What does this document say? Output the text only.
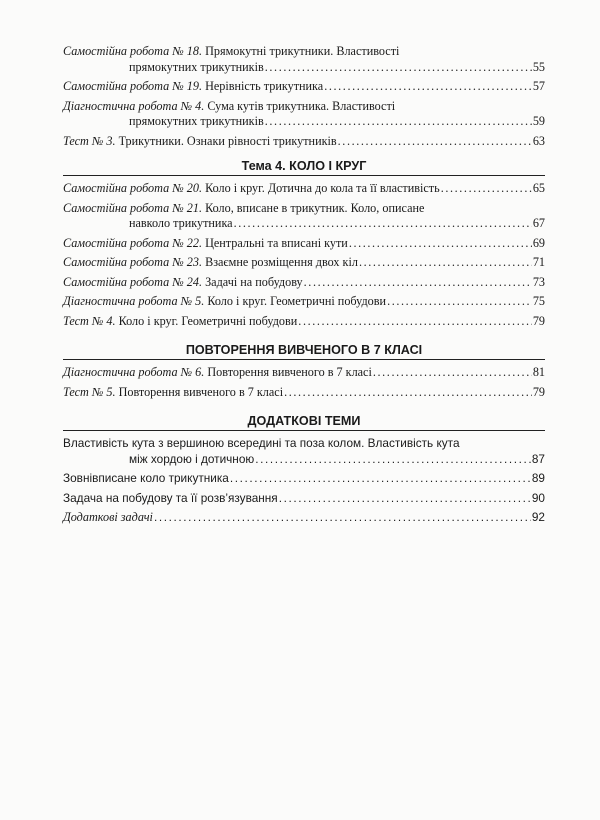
Самостійна робота № 18. Прямокутні трикутники. Властивості
прямокутних трикутників .....	55
Самостійна робота № 19. Нерівність трикутника .....	57
Діагностична робота № 4. Сума кутів трикутника. Властивості
прямокутних трикутників .....	59
Тест № 3. Трикутники. Ознаки рівності трикутників .....	63
Тема 4. КОЛО І КРУГ
Самостійна робота № 20. Коло і круг. Дотична до кола та її властивість .....	65
Самостійна робота № 21. Коло, вписане в трикутник. Коло, описане
навколо трикутника .....	67
Самостійна робота № 22. Центральні та вписані кути .....	69
Самостійна робота № 23. Взаємне розміщення двох кіл .....	71
Самостійна робота № 24. Задачі на побудову .....	73
Діагностична робота № 5. Коло і круг. Геометричні побудови .....	75
Тест № 4. Коло і круг. Геометричні побудови .....	79
ПОВТОРЕННЯ ВИВЧЕНОГО В 7 КЛАСІ
Діагностична робота № 6. Повторення вивченого в 7 класі .....	81
Тест № 5. Повторення вивченого в 7 класі .....	79
ДОДАТКОВІ ТЕМИ
Властивість кута з вершиною всередині та поза колом. Властивість кута
між хордою і дотичною .....	87
Зовнівписане коло трикутника .....	89
Задача на побудову та її розв’язування .....	90
Додаткові задачі .....	92
